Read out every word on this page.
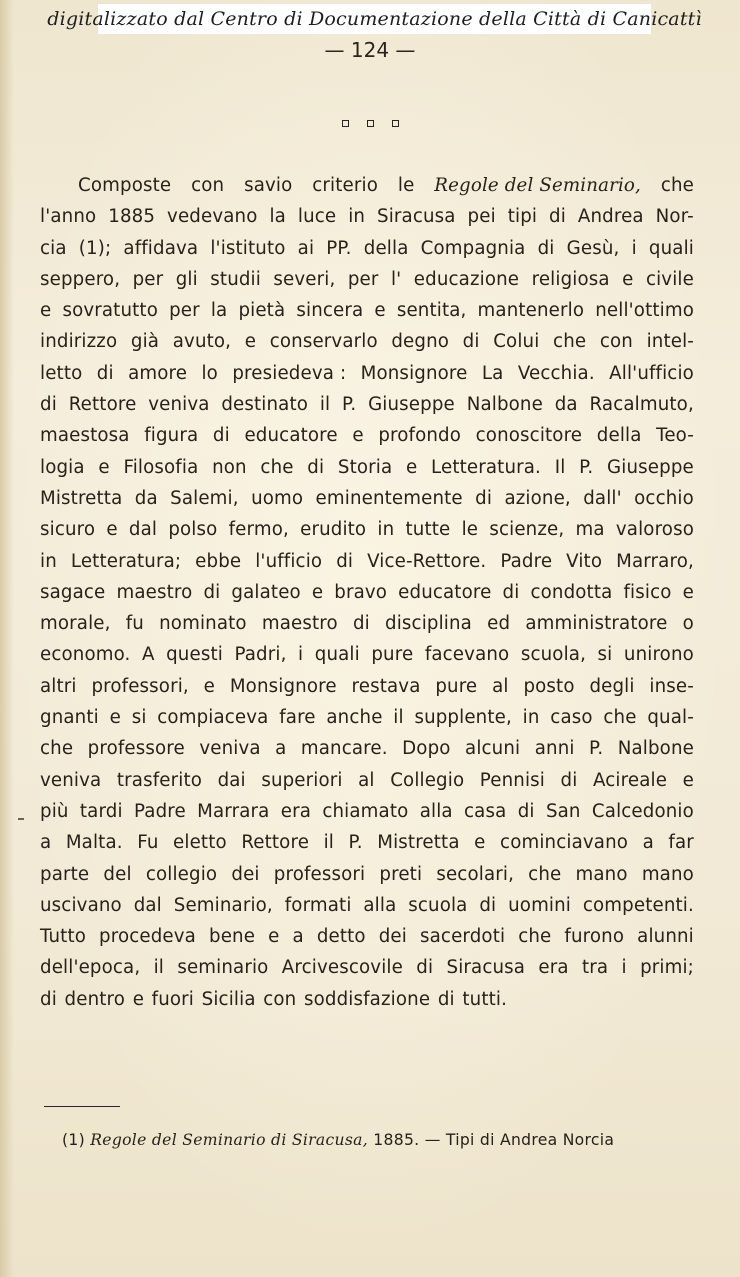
digitalizzato dal Centro di Documentazione della Città di Canicattì
— 124 —
Composte con savio criterio le Regole del Seminario, che
l'anno 1885 vedevano la luce in Siracusa pei tipi di Andrea Nor-
cia (1); affidava l'istituto ai PP. della Compagnia di Gesù, i quali
seppero, per gli studii severi, per l' educazione religiosa e civile
e sovratutto per la pietà sincera e sentita, mantenerlo nell'ottimo
indirizzo già avuto, e conservarlo degno di Colui che con intel-
letto di amore lo presiedeva : Monsignore La Vecchia. All'ufficio
di Rettore veniva destinato il P. Giuseppe Nalbone da Racalmuto,
maestosa figura di educatore e profondo conoscitore della Teo-
logia e Filosofia non che di Storia e Letteratura. Il P. Giuseppe
Mistretta da Salemi, uomo eminentemente di azione, dall' occhio
sicuro e dal polso fermo, erudito in tutte le scienze, ma valoroso
in Letteratura; ebbe l'ufficio di Vice-Rettore. Padre Vito Marraro,
sagace maestro di galateo e bravo educatore di condotta fisico e
morale, fu nominato maestro di disciplina ed amministratore o
economo. A questi Padri, i quali pure facevano scuola, si unirono
altri professori, e Monsignore restava pure al posto degli inse-
gnanti e si compiaceva fare anche il supplente, in caso che qual-
che professore veniva a mancare. Dopo alcuni anni P. Nalbone
veniva trasferito dai superiori al Collegio Pennisi di Acireale e
più tardi Padre Marrara era chiamato alla casa di San Calcedonio
a Malta. Fu eletto Rettore il P. Mistretta e cominciavano a far
parte del collegio dei professori preti secolari, che mano mano
uscivano dal Seminario, formati alla scuola di uomini competenti.
Tutto procedeva bene e a detto dei sacerdoti che furono alunni
dell'epoca, il seminario Arcivescovile di Siracusa era tra i primi;
di dentro e fuori Sicilia con soddisfazione di tutti.
(1) Regole del Seminario di Siracusa, 1885. — Tipi di Andrea Norcia
